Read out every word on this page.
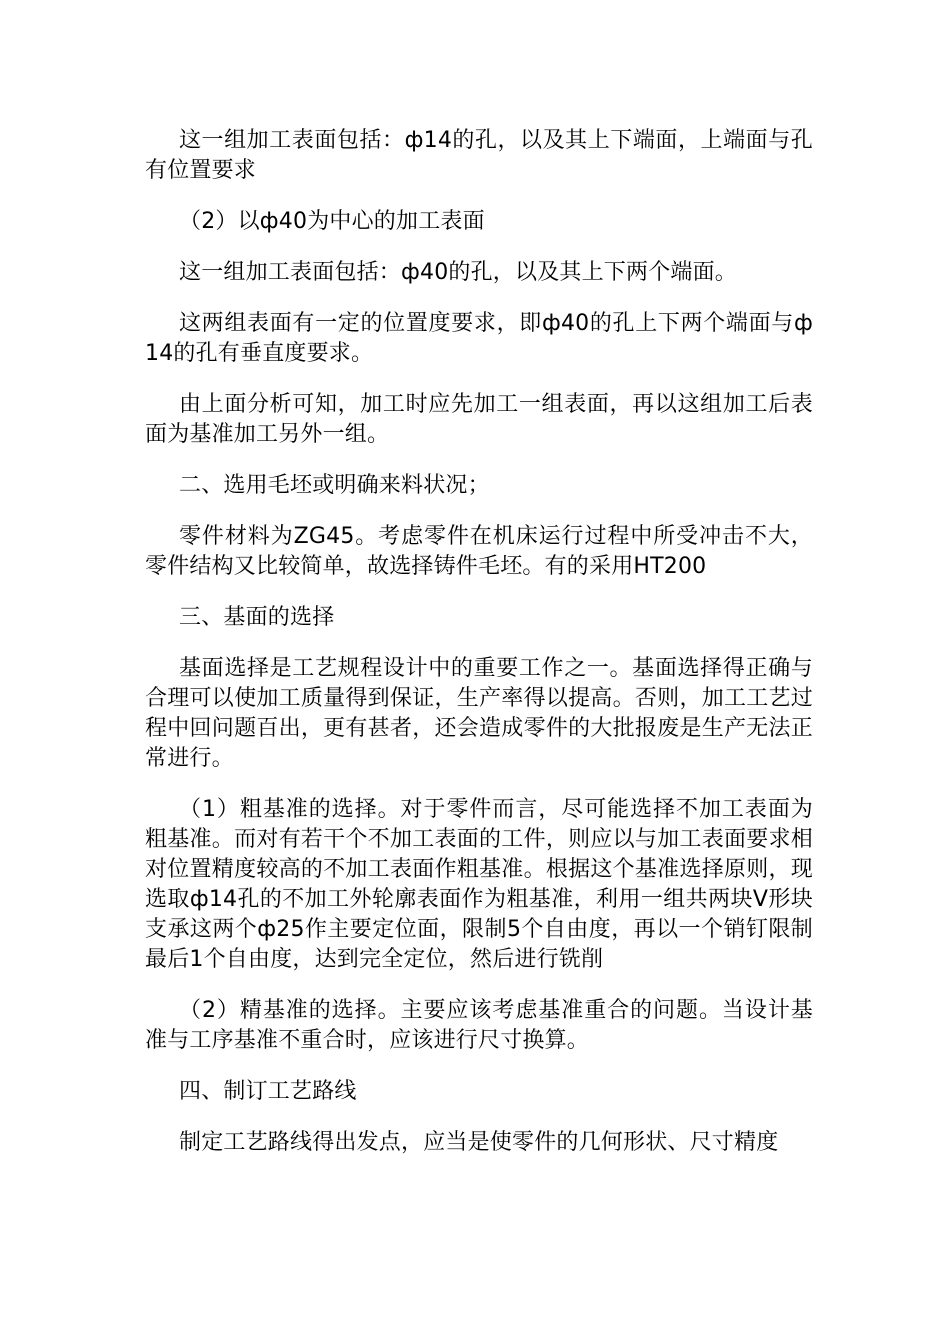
这一组加工表面包括：ф14的孔，以及其上下端面，上端面与孔有位置要求

（2）以ф40为中心的加工表面

这一组加工表面包括：ф40的孔，以及其上下两个端面。

这两组表面有一定的位置度要求，即ф40的孔上下两个端面与ф14的孔有垂直度要求。

由上面分析可知，加工时应先加工一组表面，再以这组加工后表面为基准加工另外一组。

二、选用毛坯或明确来料状况；

零件材料为ZG45。考虑零件在机床运行过程中所受冲击不大，零件结构又比较简单，故选择铸件毛坯。有的采用HT200

三、基面的选择

基面选择是工艺规程设计中的重要工作之一。基面选择得正确与合理可以使加工质量得到保证，生产率得以提高。否则，加工工艺过程中回问题百出，更有甚者，还会造成零件的大批报废是生产无法正常进行。

（1）粗基准的选择。对于零件而言，尽可能选择不加工表面为粗基准。而对有若干个不加工表面的工件，则应以与加工表面要求相对位置精度较高的不加工表面作粗基准。根据这个基准选择原则，现选取ф14孔的不加工外轮廓表面作为粗基准，利用一组共两块V形块支承这两个ф25作主要定位面，限制5个自由度，再以一个销钉限制最后1个自由度，达到完全定位，然后进行铣削

（2）精基准的选择。主要应该考虑基准重合的问题。当设计基准与工序基准不重合时，应该进行尺寸换算。

四、制订工艺路线

制定工艺路线得出发点，应当是使零件的几何形状、尺寸精度
